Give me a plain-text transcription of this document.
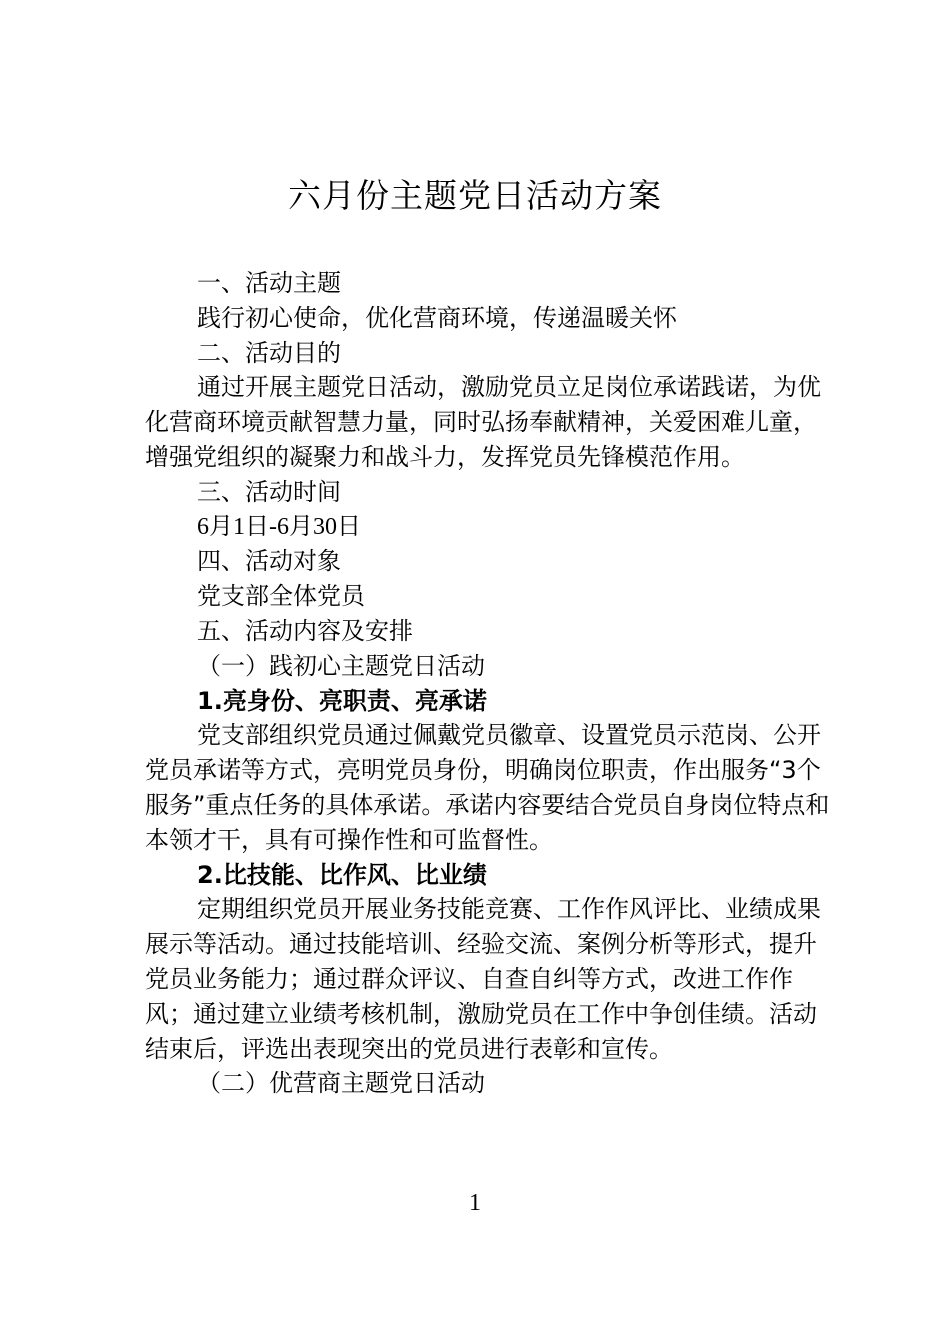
六月份主题党日活动方案

一、活动主题

践行初心使命，优化营商环境，传递温暖关怀

二、活动目的

通过开展主题党日活动，激励党员立足岗位承诺践诺，为优化营商环境贡献智慧力量，同时弘扬奉献精神，关爱困难儿童，增强党组织的凝聚力和战斗力，发挥党员先锋模范作用。

三、活动时间

6月1日-6月30日

四、活动对象

党支部全体党员

五、活动内容及安排

（一）践初心主题党日活动

1.亮身份、亮职责、亮承诺

党支部组织党员通过佩戴党员徽章、设置党员示范岗、公开党员承诺等方式，亮明党员身份，明确岗位职责，作出服务“3个服务”重点任务的具体承诺。承诺内容要结合党员自身岗位特点和本领才干，具有可操作性和可监督性。

2.比技能、比作风、比业绩

定期组织党员开展业务技能竞赛、工作作风评比、业绩成果展示等活动。通过技能培训、经验交流、案例分析等形式，提升党员业务能力；通过群众评议、自查自纠等方式，改进工作作风；通过建立业绩考核机制，激励党员在工作中争创佳绩。活动结束后，评选出表现突出的党员进行表彰和宣传。

（二）优营商主题党日活动

1
